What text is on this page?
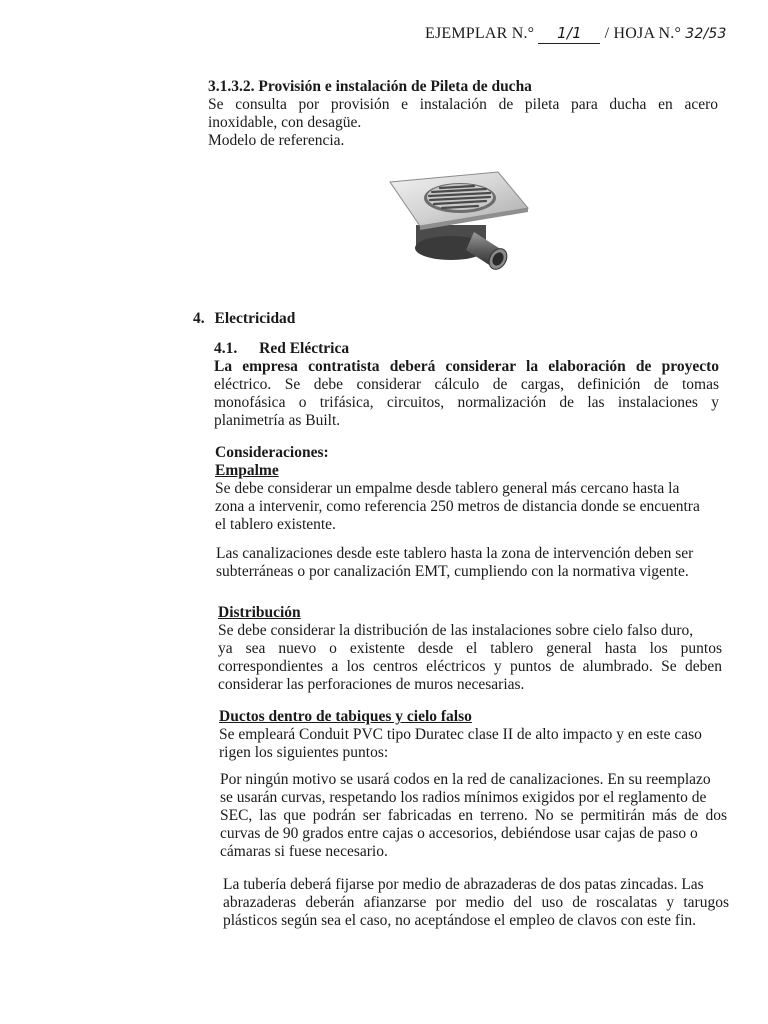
EJEMPLAR N.° 1/1 / HOJA N.° 32/53
3.1.3.2. Provisión e instalación de Pileta de ducha
Se consulta por provisión e instalación de pileta para ducha en acero
inoxidable, con desagüe.
Modelo de referencia.
4. Electricidad
4.1. Red Eléctrica
La empresa contratista deberá considerar la elaboración de proyecto
eléctrico. Se debe considerar cálculo de cargas, definición de tomas
monofásica o trifásica, circuitos, normalización de las instalaciones y
planimetría as Built.
Consideraciones:
Empalme
Se debe considerar un empalme desde tablero general más cercano hasta la
zona a intervenir, como referencia 250 metros de distancia donde se encuentra
el tablero existente.
Las canalizaciones desde este tablero hasta la zona de intervención deben ser
subterráneas o por canalización EMT, cumpliendo con la normativa vigente.
Distribución
Se debe considerar la distribución de las instalaciones sobre cielo falso duro,
ya sea nuevo o existente desde el tablero general hasta los puntos
correspondientes a los centros eléctricos y puntos de alumbrado. Se deben
considerar las perforaciones de muros necesarias.
Ductos dentro de tabiques y cielo falso
Se empleará Conduit PVC tipo Duratec clase II de alto impacto y en este caso
rigen los siguientes puntos:
Por ningún motivo se usará codos en la red de canalizaciones. En su reemplazo
se usarán curvas, respetando los radios mínimos exigidos por el reglamento de
SEC, las que podrán ser fabricadas en terreno. No se permitirán más de dos
curvas de 90 grados entre cajas o accesorios, debiéndose usar cajas de paso o
cámaras si fuese necesario.
La tubería deberá fijarse por medio de abrazaderas de dos patas zincadas. Las
abrazaderas deberán afianzarse por medio del uso de roscalatas y tarugos
plásticos según sea el caso, no aceptándose el empleo de clavos con este fin.
